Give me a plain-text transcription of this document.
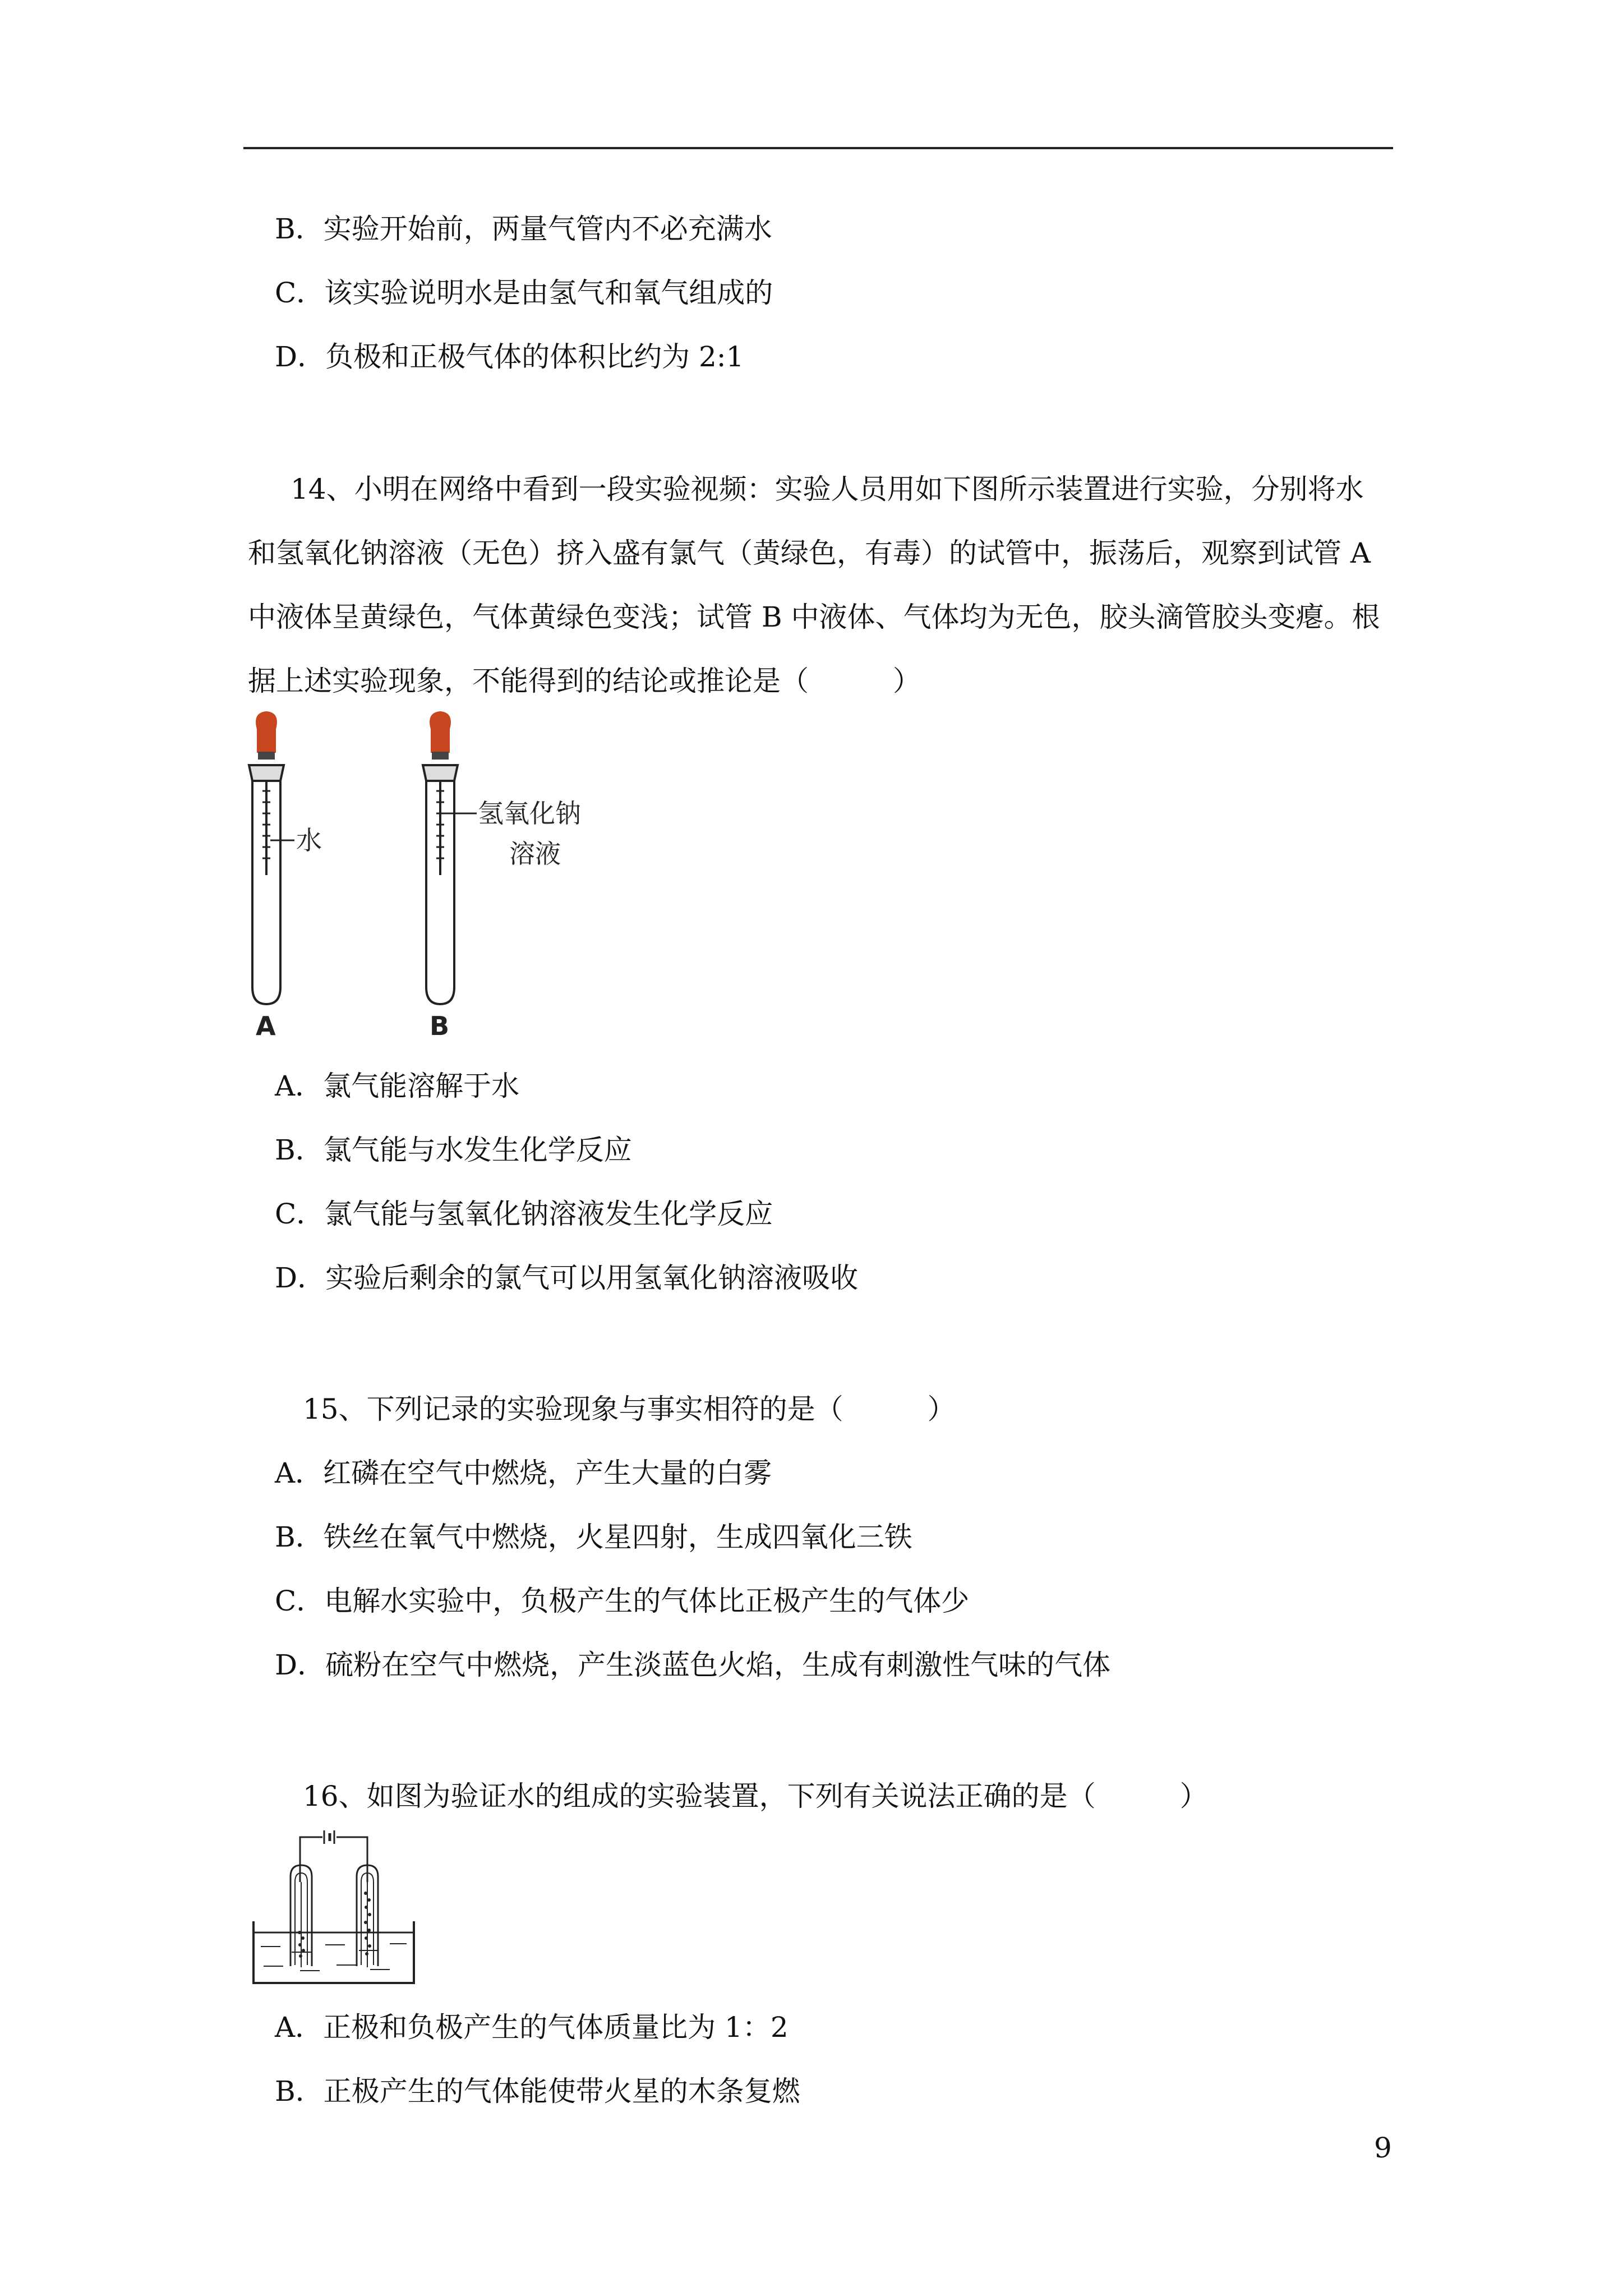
B．实验开始前，两量气管内不必充满水
C．该实验说明水是由氢气和氧气组成的
D．负极和正极气体的体积比约为 2:1
14、小明在网络中看到一段实验视频：实验人员用如下图所示装置进行实验，分别将水
和氢氧化钠溶液（无色）挤入盛有氯气（黄绿色，有毒）的试管中，振荡后，观察到试管 A
中液体呈黄绿色，气体黄绿色变浅；试管 B 中液体、气体均为无色，胶头滴管胶头变瘪。根
据上述实验现象，不能得到的结论或推论是（　　　）
水
A
氢氧化钠
溶液
B
A．氯气能溶解于水
B．氯气能与水发生化学反应
C．氯气能与氢氧化钠溶液发生化学反应
D．实验后剩余的氯气可以用氢氧化钠溶液吸收
15、下列记录的实验现象与事实相符的是（　　　）
A．红磷在空气中燃烧，产生大量的白雾
B．铁丝在氧气中燃烧，火星四射，生成四氧化三铁
C．电解水实验中，负极产生的气体比正极产生的气体少
D．硫粉在空气中燃烧，产生淡蓝色火焰，生成有刺激性气味的气体
16、如图为验证水的组成的实验装置，下列有关说法正确的是（　　　）
A．正极和负极产生的气体质量比为 1：2
B．正极产生的气体能使带火星的木条复燃
9
